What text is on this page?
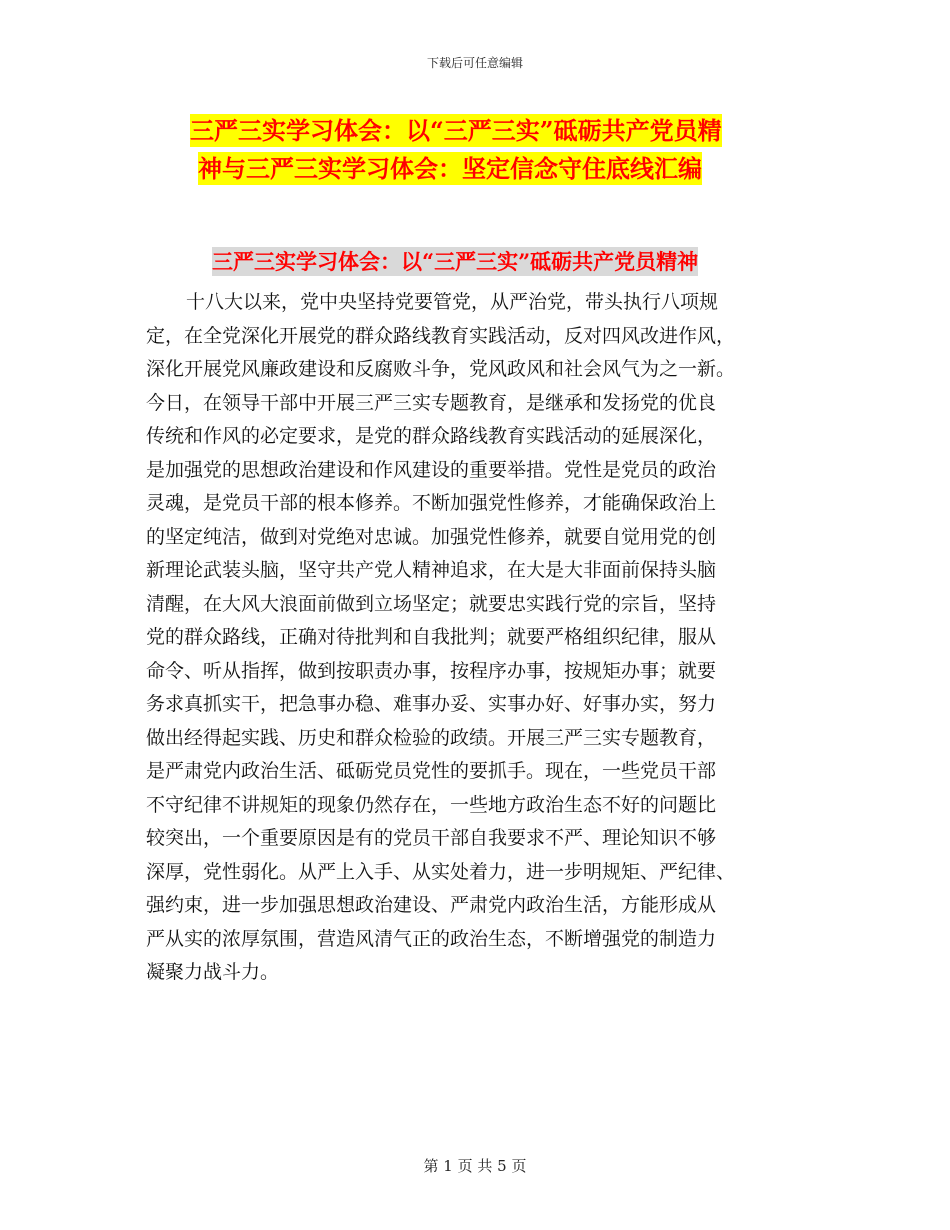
下载后可任意编辑
三严三实学习体会：以“三严三实”砥砺共产党员精
神与三严三实学习体会：坚定信念守住底线汇编
三严三实学习体会：以“三严三实”砥砺共产党员精神
十八大以来，党中央坚持党要管党，从严治党，带头执行八项规
定，在全党深化开展党的群众路线教育实践活动，反对四风改进作风，
深化开展党风廉政建设和反腐败斗争，党风政风和社会风气为之一新。
今日，在领导干部中开展三严三实专题教育，是继承和发扬党的优良
传统和作风的必定要求，是党的群众路线教育实践活动的延展深化，
是加强党的思想政治建设和作风建设的重要举措。党性是党员的政治
灵魂，是党员干部的根本修养。不断加强党性修养，才能确保政治上
的坚定纯洁，做到对党绝对忠诚。加强党性修养，就要自觉用党的创
新理论武装头脑，坚守共产党人精神追求，在大是大非面前保持头脑
清醒，在大风大浪面前做到立场坚定；就要忠实践行党的宗旨，坚持
党的群众路线，正确对待批判和自我批判；就要严格组织纪律，服从
命令、听从指挥，做到按职责办事，按程序办事，按规矩办事；就要
务求真抓实干，把急事办稳、难事办妥、实事办好、好事办实，努力
做出经得起实践、历史和群众检验的政绩。开展三严三实专题教育，
是严肃党内政治生活、砥砺党员党性的要抓手。现在，一些党员干部
不守纪律不讲规矩的现象仍然存在，一些地方政治生态不好的问题比
较突出，一个重要原因是有的党员干部自我要求不严、理论知识不够
深厚，党性弱化。从严上入手、从实处着力，进一步明规矩、严纪律、
强约束，进一步加强思想政治建设、严肃党内政治生活，方能形成从
严从实的浓厚氛围，营造风清气正的政治生态，不断增强党的制造力
凝聚力战斗力。
第 1 页 共 5 页
